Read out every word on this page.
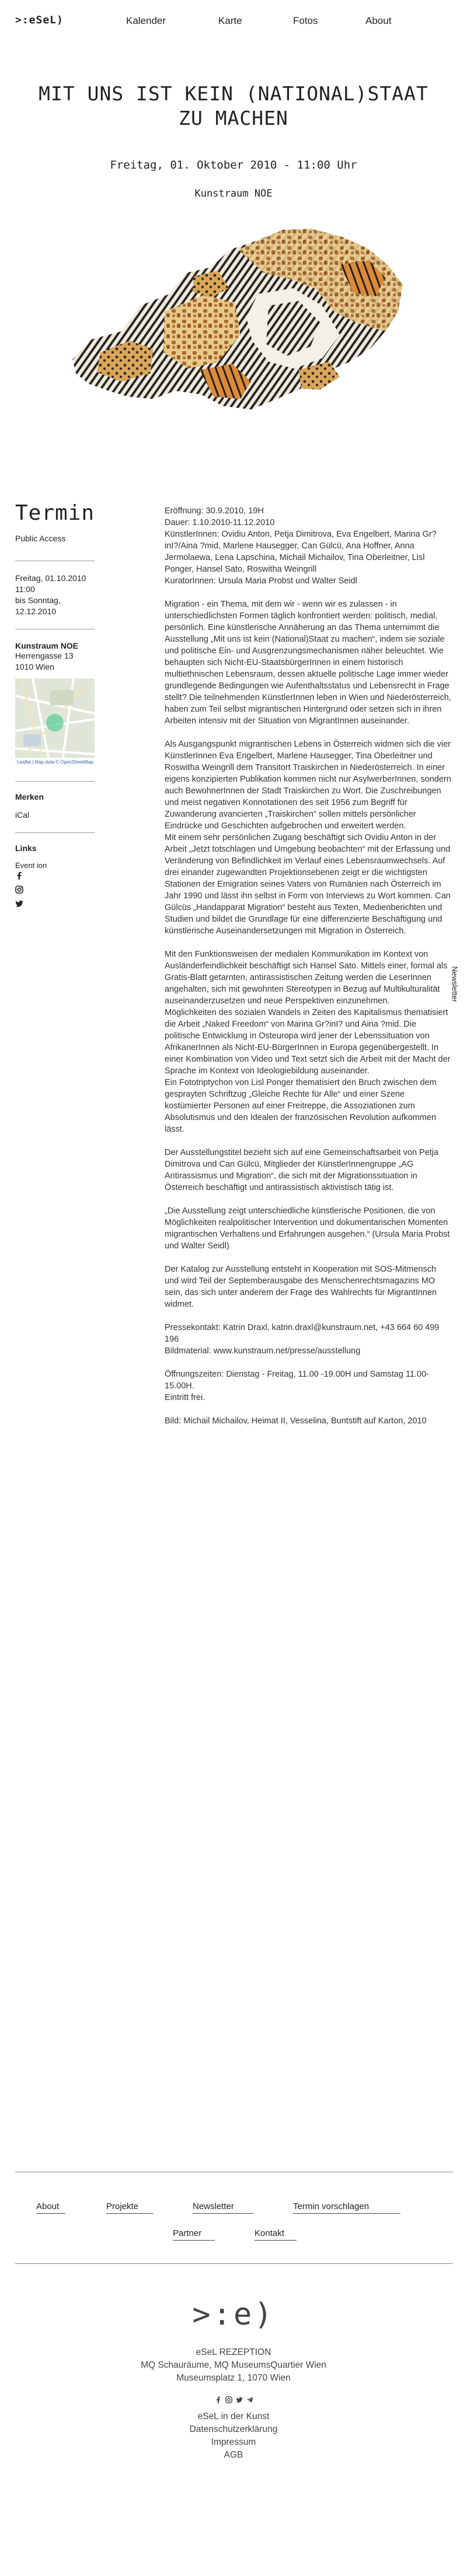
>:eSeL)	Kalender	Karte	Fotos	About
MIT UNS IST KEIN (NATIONAL)STAAT ZU MACHEN
Freitag, 01. Oktober 2010 - 11:00 Uhr
Kunstraum NOE
Termin
Public Access
Freitag, 01.10.2010
11:00
bis Sonntag,
12.12.2010
Kunstraum NOE
Herrengasse 13
1010 Wien
Leaflet | Map data © OpenStreetMap
Merken
iCal
Links
Event ion

Eröffnung: 30.9.2010, 19H
Dauer: 1.10.2010-11.12.2010
KünstlerInnen: Ovidiu Anton, Petja Dimitrova, Eva Engelbert, Marina Gr?inI?/Aina ?mid, Marlene Hausegger, Can Gülcü, Ana Hoffner, Anna Jermolaewa, Lena Lapschina, Michail Michailov, Tina Oberleitner, Lisl Ponger, Hansel Sato, Roswitha Weingrill
KuratorInnen: Ursula Maria Probst und Walter Seidl

Migration - ein Thema, mit dem wir - wenn wir es zulassen - in unterschiedlichsten Formen täglich konfrontiert werden: politisch, medial, persönlich. Eine künstlerische Annäherung an das Thema unternimmt die Ausstellung „Mit uns ist kein (National)Staat zu machen“, indem sie soziale und politische Ein- und Ausgrenzungsmechanismen näher beleuchtet. Wie behaupten sich Nicht-EU-StaatsbürgerInnen in einem historisch multiethnischen Lebensraum, dessen aktuelle politische Lage immer wieder grundlegende Bedingungen wie Aufenthaltsstatus und Lebensrecht in Frage stellt? Die teilnehmenden KünstlerInnen leben in Wien und Niederösterreich, haben zum Teil selbst migrantischen Hintergrund oder setzen sich in ihren Arbeiten intensiv mit der Situation von MigrantInnen auseinander.

Als Ausgangspunkt migrantischen Lebens in Österreich widmen sich die vier KünstlerInnen Eva Engelbert, Marlene Hausegger, Tina Oberleitner und Roswitha Weingrill dem Transitort Traiskirchen in Niederösterreich. In einer eigens konzipierten Publikation kommen nicht nur AsylwerberInnen, sondern auch BewohnerInnen der Stadt Traiskirchen zu Wort. Die Zuschreibungen und meist negativen Konnotationen des seit 1956 zum Begriff für Zuwanderung avancierten „Traiskirchen“ sollen mittels persönlicher Eindrücke und Geschichten aufgebrochen und erweitert werden.
Mit einem sehr persönlichen Zugang beschäftigt sich Ovidiu Anton in der Arbeit „Jetzt totschlagen und Umgebung beobachten“ mit der Erfassung und Veränderung von Befindlichkeit im Verlauf eines Lebensraumwechsels. Auf drei einander zugewandten Projektionsebenen zeigt er die wichtigsten Stationen der Emigration seines Vaters von Rumänien nach Österreich im Jahr 1990 und lässt ihn selbst in Form von Interviews zu Wort kommen. Can Gülcüs „Handapparat Migration“ besteht aus Texten, Medienberichten und Studien und bildet die Grundlage für eine differenzierte Beschäftigung und künstlerische Auseinandersetzungen mit Migration in Österreich.

Mit den Funktionsweisen der medialen Kommunikation im Kontext von Ausländerfeindlichkeit beschäftigt sich Hansel Sato. Mittels einer, formal als Gratis-Blatt getarnten, antirassistischen Zeitung werden die LeserInnen angehalten, sich mit gewohnten Stereotypen in Bezug auf Multikulturalität auseinanderzusetzen und neue Perspektiven einzunehmen.
Möglichkeiten des sozialen Wandels in Zeiten des Kapitalismus thematisiert die Arbeit „Naked Freedom“ von Marina Gr?inI? und Aina ?mid. Die politische Entwicklung in Osteuropa wird jener der Lebenssituation von AfrikanerInnen als Nicht-EU-BürgerInnen in Europa gegenübergestellt. In einer Kombination von Video und Text setzt sich die Arbeit mit der Macht der Sprache im Kontext von Ideologiebildung auseinander.
Ein Fototriptychon von Lisl Ponger thematisiert den Bruch zwischen dem gesprayten Schriftzug „Gleiche Rechte für Alle“ und einer Szene kostümierter Personen auf einer Freitreppe, die Assoziationen zum Absolutismus und den Idealen der französischen Revolution aufkommen lässt.

Der Ausstellungstitel bezieht sich auf eine Gemeinschaftsarbeit von Petja Dimitrova und Can Gülcü, Mitglieder der KünstlerInnengruppe „AG Antirassismus und Migration“, die sich mit der Migrationssituation in Österreich beschäftigt und antirassistisch aktivistisch tätig ist.

„Die Ausstellung zeigt unterschiedliche künstlerische Positionen, die von Möglichkeiten realpolitischer Intervention und dokumentarischen Momenten migrantischen Verhaltens und Erfahrungen ausgehen.“ (Ursula Maria Probst und Walter Seidl)

Der Katalog zur Ausstellung entsteht in Kooperation mit SOS-Mitmensch und wird Teil der Septemberausgabe des Menschenrechtsmagazins MO sein, das sich unter anderem der Frage des Wahlrechts für MigrantInnen widmet.

Pressekontakt: Katrin Draxl, katrin.draxl@kunstraum.net, +43 664 60 499 196
Bildmaterial: www.kunstraum.net/presse/ausstellung

Öffnungszeiten: Dienstag - Freitag, 11.00 -19.00H und Samstag 11.00-15.00H.
Eintritt frei.

Bild: Michail Michailov, Heimat II, Vesselina, Buntstift auf Karton, 2010

Newsletter
About	Projekte	Newsletter	Termin vorschlagen
Partner	Kontakt
>:e)
eSeL REZEPTION
MQ Schauräume, MQ MuseumsQuartier Wien
Museumsplatz 1, 1070 Wien
eSeL in der Kunst
Datenschutzerklärung
Impressum
AGB
